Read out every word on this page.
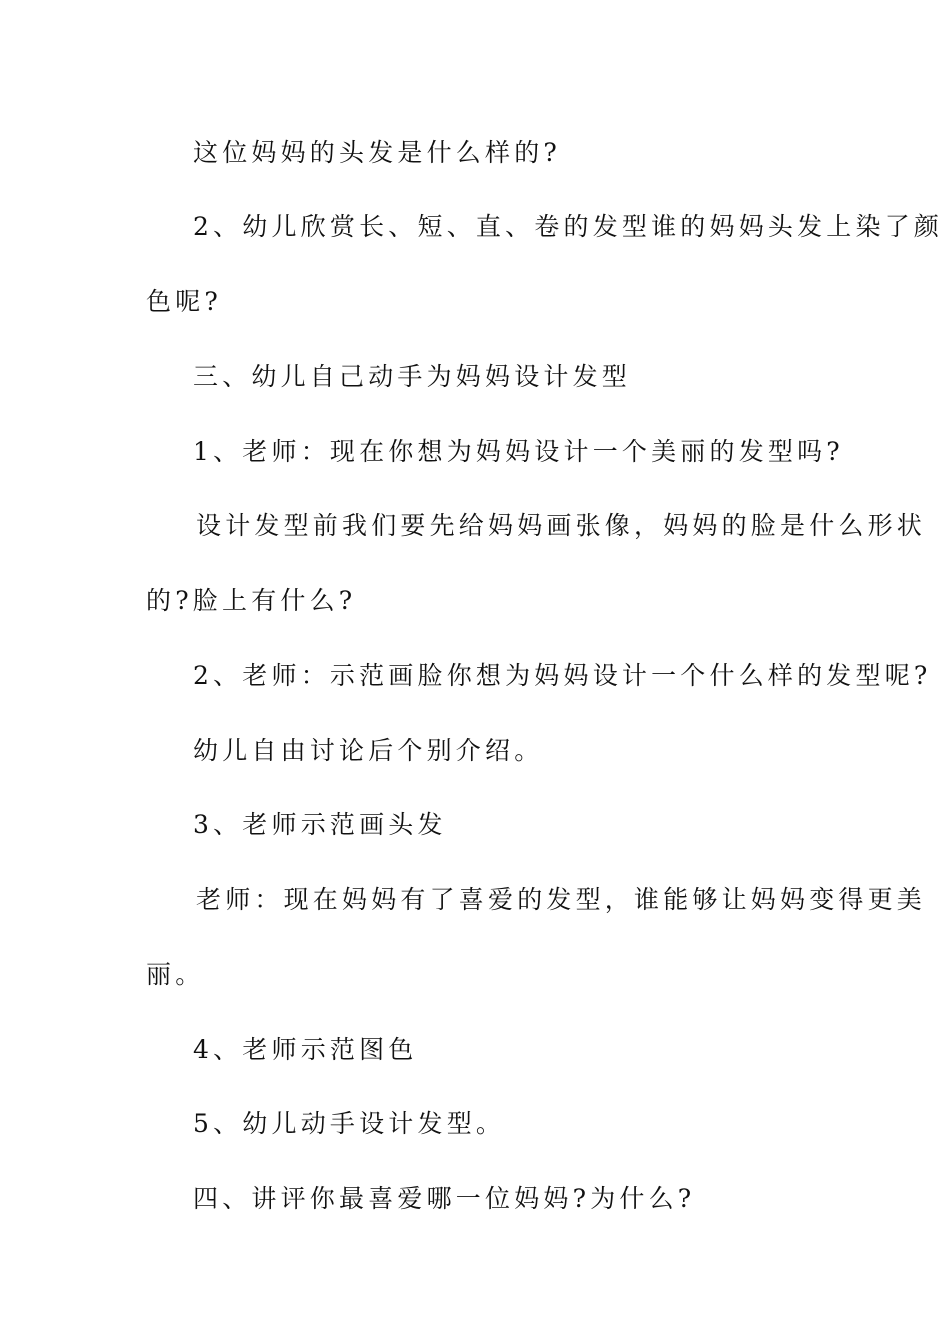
这位妈妈的头发是什么样的?
2、幼儿欣赏长、短、直、卷的发型谁的妈妈头发上染了颜
色呢?
三、幼儿自己动手为妈妈设计发型
1、老师：现在你想为妈妈设计一个美丽的发型吗?
设计发型前我们要先给妈妈画张像，妈妈的脸是什么形状
的?脸上有什么?
2、老师：示范画脸你想为妈妈设计一个什么样的发型呢?
幼儿自由讨论后个别介绍。
3、老师示范画头发
老师：现在妈妈有了喜爱的发型，谁能够让妈妈变得更美
丽。
4、老师示范图色
5、幼儿动手设计发型。
四、讲评你最喜爱哪一位妈妈?为什么?
